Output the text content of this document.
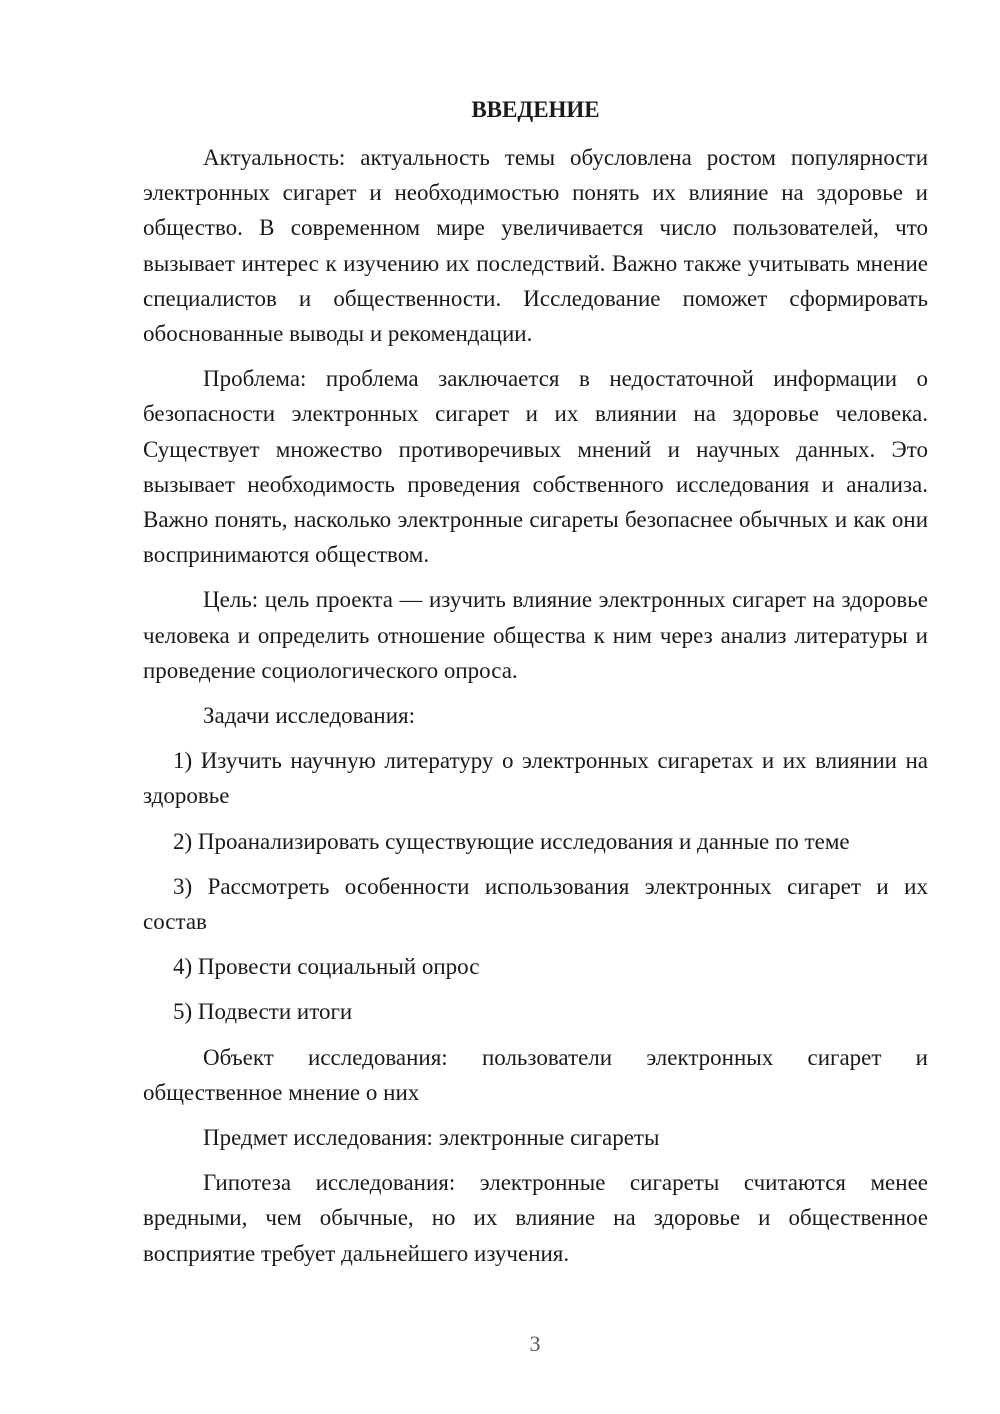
ВВЕДЕНИЕ

Актуальность: актуальность темы обусловлена ростом популярности электронных сигарет и необходимостью понять их влияние на здоровье и общество. В современном мире увеличивается число пользователей, что вызывает интерес к изучению их последствий. Важно также учитывать мнение специалистов и общественности. Исследование поможет сформировать обоснованные выводы и рекомендации.

Проблема: проблема заключается в недостаточной информации о безопасности электронных сигарет и их влиянии на здоровье человека. Существует множество противоречивых мнений и научных данных. Это вызывает необходимость проведения собственного исследования и анализа. Важно понять, насколько электронные сигареты безопаснее обычных и как они воспринимаются обществом.

Цель: цель проекта — изучить влияние электронных сигарет на здоровье человека и определить отношение общества к ним через анализ литературы и проведение социологического опроса.

Задачи исследования:

1) Изучить научную литературу о электронных сигаретах и их влиянии на здоровье

2) Проанализировать существующие исследования и данные по теме

3) Рассмотреть особенности использования электронных сигарет и их состав

4) Провести социальный опрос

5) Подвести итоги

Объект исследования: пользователи электронных сигарет и общественное мнение о них

Предмет исследования: электронные сигареты

Гипотеза исследования: электронные сигареты считаются менее вредными, чем обычные, но их влияние на здоровье и общественное восприятие требует дальнейшего изучения.

3
